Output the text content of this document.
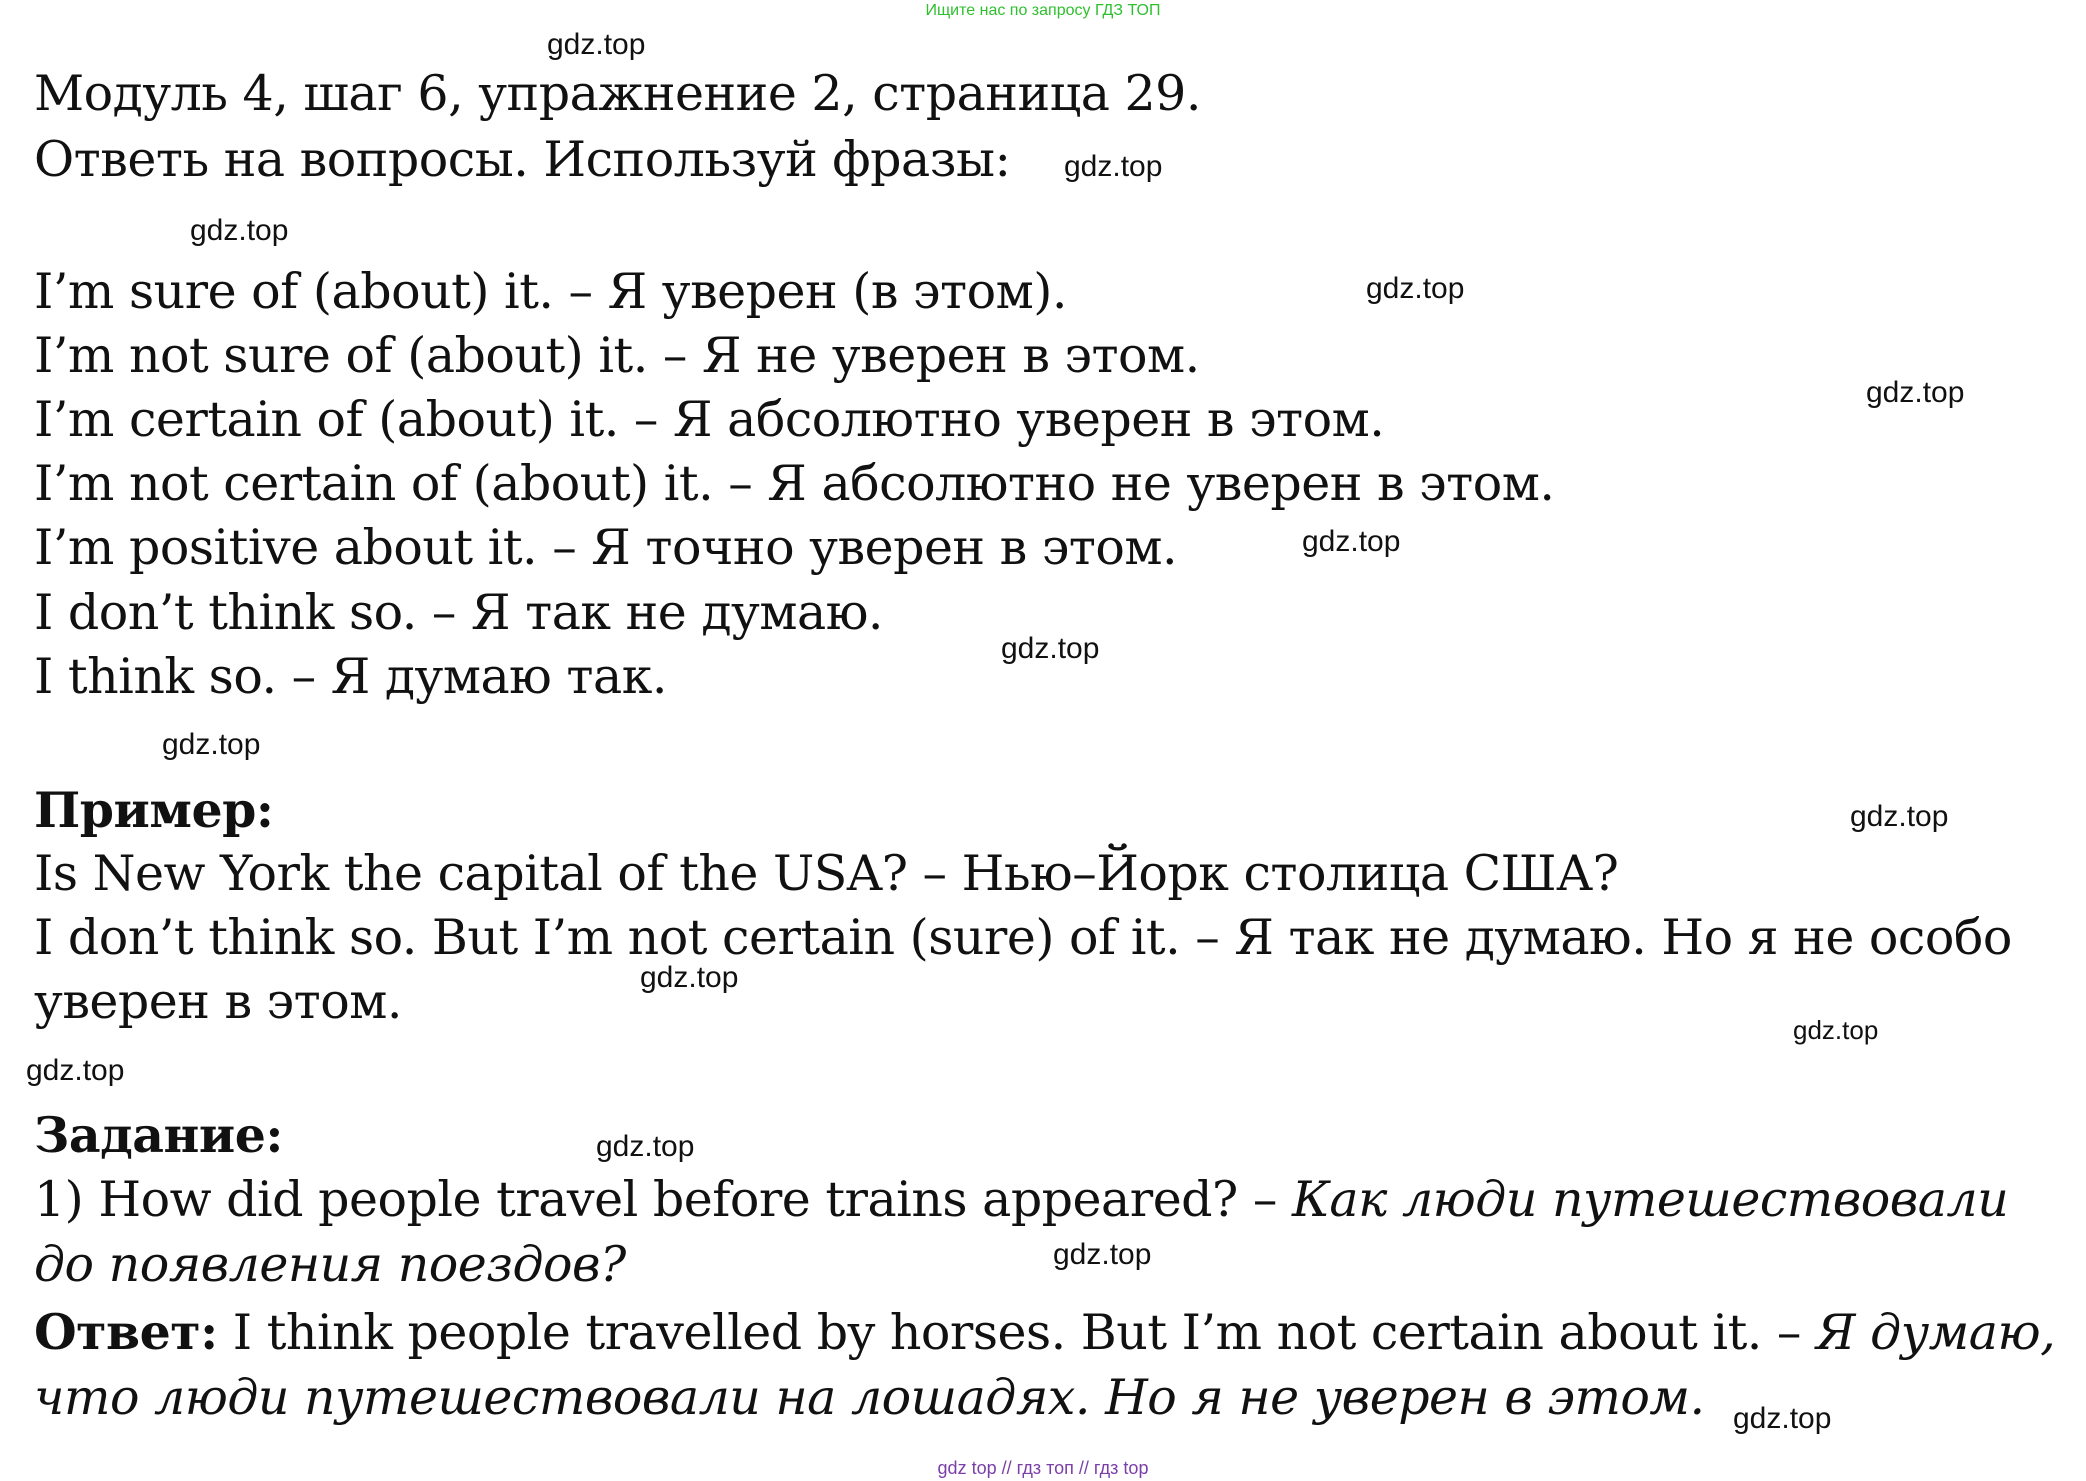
Ищите нас по запросу ГДЗ ТОП
Модуль 4, шаг 6, упражнение 2, страница 29.
Ответь на вопросы. Используй фразы:
I’m sure of (about) it. – Я уверен (в этом).
I’m not sure of (about) it. – Я не уверен в этом.
I’m certain of (about) it. – Я абсолютно уверен в этом.
I’m not certain of (about) it. – Я абсолютно не уверен в этом.
I’m positive about it. – Я точно уверен в этом.
I don’t think so. – Я так не думаю.
I think so. – Я думаю так.
Пример:
Is New York the capital of the USA? – Нью–Йорк столица США?
I don’t think so. But I’m not certain (sure) of it. – Я так не думаю. Но я не особо
уверен в этом.
Задание:
1) How did people travel before trains appeared? – Как люди путешествовали
до появления поездов?
Ответ: I think people travelled by horses. But I’m not certain about it. – Я думаю,
что люди путешествовали на лошадях. Но я не уверен в этом.
gdz.top
gdz.top
gdz.top
gdz.top
gdz.top
gdz.top
gdz.top
gdz.top
gdz.top
gdz.top
gdz.top
gdz.top
gdz.top
gdz.top
gdz.top
gdz top // гдз топ // гдз top
